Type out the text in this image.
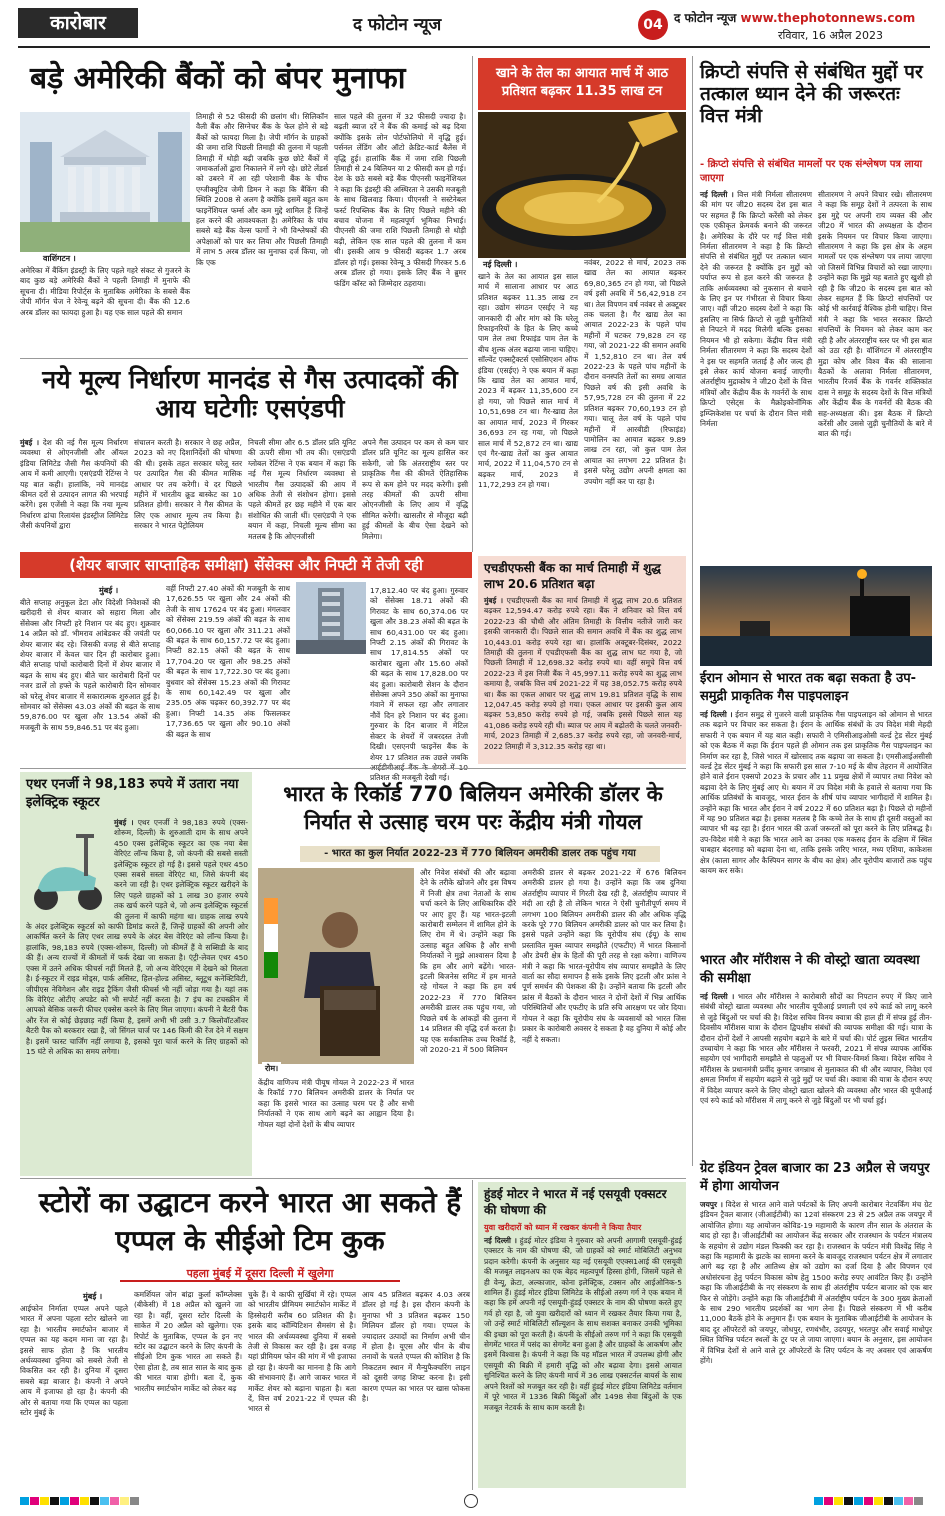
कारोबार	द फोटोन न्यूज	04 द फोटोन न्यूज www.thephotonnews.com
रविवार, 16 अप्रैल 2023
बड़े अमेरिकी बैंकों को बंपर मुनाफा
वाशिंगटन ।
अमेरिका में बैंकिंग इंडस्ट्री के लिए पहले गहरे संकट से गुजरने के बाद कुछ बड़े अमेरिकी बैंकों ने पहली तिमाही में मुनाफे की सूचना दी। मीडिया रिपोर्ट्स के मुताबिक अमेरिका के सबसे बैंक जेपी मॉर्गन चेज ने रेवेन्यू बढ़ने की सूचना दी। बैंक की 12.6 अरब डॉलर का फायदा हुआ है। यह एक साल पहले की समान
तिमाही से 52 फीसदी की छलांग थी। सिलिकॉन वैली बैंक और सिग्नेचर बैंक के फेल होने से बड़े बैंकों को फायदा मिला है। जेपी मॉर्गन के ग्राहकों की जमा राशि पिछली तिमाही की तुलना में पहली तिमाही में थोड़ी बढ़ी जबकि कुछ छोटे बैंकों में जमाकर्ताओं द्वारा निकालने में लगे रहे। छोटे लेंडर्स को उबरने में आ रही परेशानी बैंक के चीफ एग्जीक्यूटिव जेमी डिमन ने कहा कि बैंकिंग की स्थिति 2008 से अलग है क्योंकि इसमें बहुत कम फाइनेंशियल फर्म्स और कम मुद्दे शामिल हैं जिन्हें हल करने की आवश्यकता है। अमेरिका के पांच सबसे बड़े बैंक वेल्स फार्गो ने भी विश्लेषकों की अपेक्षाओं को पार कर लिया और पिछली तिमाही में लाभ 5 अरब डॉलर का मुनाफा दर्ज किया, जो कि एक
साल पहले की तुलना में 32 फीसदी ज्यादा है। बढ़ती ब्याज दरें ने बैंक की कमाई को बढ़ दिया क्योंकि इसके लोन पोर्टफोलियो में वृद्धि हुई। पर्सनल लेंडिंग और ऑटो क्रेडिट-कार्ड बैलेंस में वृद्धि हुई। हालांकि बैंक में जमा राशि पिछली तिमाही से 24 बिलियन या 2 फीसदी कम हो गई। देश के छठे सबसे बड़े बैंक पीएनसी फाइनेंशियल ने कहा कि इंडस्ट्री की अस्थिरता ने उसकी मजबूती के साथ खिलवाड़ किया। पीएनसी ने सस्टेनेबल फर्स्ट रिपब्लिक बैंक के लिए पिछले महीने की बचाव योजना में महत्वपूर्ण भूमिका निभाई। पीएनसी की जमा राशि पिछली तिमाही से थोड़ी बढ़ी, लेकिन एक साल पहले की तुलना में कम थी। इसकी आय 9 फीसदी बढ़कर 1.7 अरब डॉलर हो गई। इसका रेवेन्यू 3 फीसदी गिरकर 5.6 अरब डॉलर हो गया। इसके लिए बैंक ने ब्रुमर फंडिंग कॉस्ट को जिम्मेदार ठहराया।
खाने के तेल का आयात मार्च में आठ प्रतिशत बढ़कर 11.35 लाख टन
नई दिल्ली ।
खाने के तेल का आयात इस साल मार्च में सालाना आधार पर आठ प्रतिशत बढ़कर 11.35 लाख टन रहा। उद्योग संगठन एसईए ने यह जानकारी दी और मांग को कि घरेलू रिफाइनरियों के हित के लिए कच्चे पाम तेल तथा रिफाइंड पाम तेल के बीच शुल्क अंतर बढ़ाया जाना चाहिए। सॉल्वेंट एक्सट्रैक्टर्स एसोसिएशन ऑफ इंडिया (एसईए) ने एक बयान में कहा कि खाद्य तेल का आयात मार्च, 2023 में बढ़कर 11,35,600 टन हो गया, जो पिछले साल मार्च में 10,51,698 टन था। गैर-खाद्य तेल का आयात मार्च, 2023 में गिरकर 36,693 टन रह गया, जो पिछले साल मार्च में 52,872 टन था। खाद्य एवं गैर-खाद्य तेलों का कुल आयात मार्च, 2022 में 11,04,570 टन से बढ़कर मार्च, 2023 में 11,72,293 टन हो गया।
नवंबर, 2022 से मार्च, 2023 तक खाद्य तेल का आयात बढ़कर 69,80,365 टन हो गया, जो पिछले वर्ष इसी अवधि में 56,42,918 टन था। तेल विपणन वर्ष नवंबर से अक्टूबर तक चलता है। गैर खाद्य तेल का आयात 2022-23 के पहले पांच महीनों में घटकर 79,828 टन रह गया, जो 2021-22 की समान अवधि में 1,52,810 टन था। तेल वर्ष 2022-23 के पहले पांच महीनों के दौरान वनस्पति तेलों का समग्र आयात पिछले वर्ष की इसी अवधि के 57,95,728 टन की तुलना में 22 प्रतिशत बढ़कर 70,60,193 टन हो गया। चालू तेल वर्ष के पहले पांच महीनों में आरबीडी (रिफाइंड) पामोलिन का आयात बढ़कर 9.89 लाख टन रहा, जो कुल पाम तेल आयात का लगभग 22 प्रतिशत है। इससे घरेलू उद्योग अपनी क्षमता का उपयोग नहीं कर पा रहा है।
क्रिप्टो संपत्ति से संबंधित मुद्दों पर तत्काल ध्यान देने की जरूरतः वित्त मंत्री
- क्रिप्टो संपत्ति से संबंधित मामलों पर एक संश्लेषण पत्र लाया जाएगा
नई दिल्ली । वित्त मंत्री निर्मला सीतारमण की मांग पर जी20 सदस्य देश इस बात पर सहमत हैं कि क्रिप्टो करेंसी को लेकर एक एकीकृत फ्रेमवर्क बनाने की जरूरत है। अमेरिका के दौरे पर गईं वित्त मंत्री निर्मला सीतारमण ने कहा है कि क्रिप्टो संपत्ति से संबंधित मुद्दों पर तत्काल ध्यान देने की जरूरत है क्योंकि इन मुद्दों को पर्याप्त रूप से हल करने की जरूरत है ताकि अर्थव्यवस्था को नुकसान से बचाने के लिए इन पर गंभीरता से विचार किया जाए। वहीं जी20 सदस्य देशों ने कहा कि इसलिए ना सिर्फ क्रिप्टो से जुड़ी चुनौतियों से निपटने में मदद मिलेगी बल्कि इसका नियमन भी हो सकेगा। केंद्रीय वित्त मंत्री निर्मला सीतारमण ने कहा कि सदस्य देशों ने इस पर सहमति जताई है और जल्द ही इसे लेकर कार्य योजना बनाई जाएगी। अंतर्राष्ट्रीय मुद्राकोष ने जी20 देशों के वित्त मंत्रियों और केंद्रीय बैंक के गवर्नरों के साथ क्रिप्टो एसेट्स के मैक्रोइकोनॉमिक इम्प्लिकेशंस पर चर्चा के दौरान वित्त मंत्री निर्मला
सीतारमण ने अपने विचार रखे। सीतारमण ने कहा कि समूह देशों ने तत्परता के साथ इस मुद्दे पर अपनी राय व्यक्त की और जी20 में भारत की अध्यक्षता के दौरान इसके नियमन पर विचार किया जाएगा। सीतारमण ने कहा कि इस क्षेत्र के अहम मामलों पर एक संश्लेषण पत्र लाया जाएगा जो जिसमें विभिन्न विचारों को रखा जाएगा। उन्होंने कहा कि मुझे यह बताते हुए खुशी हो रही है कि जी20 के सदस्य इस बात को लेकर सहमत हैं कि क्रिप्टो संपत्तियों पर कोई भी कार्रवाई वैश्विक होनी चाहिए। वित्त मंत्री ने कहा कि भारत सरकार क्रिप्टो संपत्तियों के नियमन को लेकर काम कर रही है और अंतरराष्ट्रीय स्तर पर भी इस बात को उठा रही है। वॉशिंगटन में अंतरराष्ट्रीय मुद्रा कोष और विश्व बैंक की सालाना बैठकों के अलावा निर्मला सीतारमण, भारतीय रिजर्व बैंक के गवर्नर शक्तिकांत दास ने समूह के सदस्य देशों के वित्त मंत्रियों और केंद्रीय बैंक के गवर्नरों की बैठक की सह-अध्यक्षता की। इस बैठक में क्रिप्टो करेंसी और उससे जुड़ी चुनौतियों के बारे में बात की गई।
नये मूल्य निर्धारण मानदंड से गैस उत्पादकों की आय घटेगीः एसएंडपी
मुंबई । देश की नई गैस मूल्य निर्धारण व्यवस्था से ओएनजीसी और ऑयल इंडिया लिमिटेड जैसी गैस कंपनियों की आय में कमी आएगी। एसएंडपी रेटिंग्स ने यह बात कही। हालांकि, नये मानदंड कीमत दरों से उत्पादन लागत की भरपाई करेंगे। इस एजेंसी ने कहा कि नया मूल्य निर्धारण ढांचा रिलायंस इंडस्ट्रीज लिमिटेड जैसी कंपनियों द्वारा
संचालन करती है। सरकार ने छह अप्रैल, 2023 को नए दिशानिर्देशों की घोषणा की थी। इसके तहत सरकार घरेलू स्तर पर उत्पादित गैस की कीमत मासिक आधार पर तय करेगी। ये दर पिछले महीने में भारतीय क्रूड बास्केट का 10 प्रतिशत होगी। सरकार ने गैस कीमत के लिए एक आधार मूल्य तय किया है। सरकार ने भारत पेट्रोलियम
निचली सीमा और 6.5 डॉलर प्रति यूनिट की ऊपरी सीमा भी तय की। एसएंडपी ग्लोबल रेटिंग्स ने एक बयान में कहा कि नई गैस मूल्य निर्धारण व्यवस्था से भारतीय गैस उत्पादकों की आय में अधिक तेजी से संशोधन होगा। इससे पहले कीमतें हर छह महीने में एक बार संशोधित की जाती थीं। एसएंडपी ने एक बयान में कहा, निचली मूल्य सीमा का मतलब है कि ओएनजीसी
अपने गैस उत्पादन पर कम से कम चार डॉलर प्रति यूनिट का मूल्य हासिल कर सकेगी, जो कि अंतरराष्ट्रीय स्तर पर प्राकृतिक गैस की कीमतें ऐतिहासिक रूप से कम होने पर मदद करेगी। इसी तरह कीमतों की ऊपरी सीमा ओएनजीसी के लिए आय में वृद्धि सीमित करेगी। खासतौर से मौजूदा बढ़ी हुई कीमतों के बीच ऐसा देखने को मिलेगा।
(शेयर बाजार साप्ताहिक समीक्षा) सेंसेक्स और निफ्टी में तेजी रही
मुंबई ।
बीते सप्ताह अनुकूल डेटा और विदेशी निवेशकों की खरीदारी से शेयर बाजार को सहारा मिला और सेंसेक्स और निफ्टी हरे निशान पर बंद हुए। शुक्रवार 14 अप्रैल को डॉ. भीमराव आंबेडकर की जयंती पर शेयर बाजार बंद रहे। जिसकी वजह से बीते सप्ताह शेयर बाजार में केवल चार दिन ही कारोबार हुआ। बीते सप्ताह पांचों कारोबारी दिनों में शेयर बाजार में बढ़त के साथ बंद हुए। बीते चार कारोबारी दिनों पर नजर डालें तो हफ्ते के पहले कारोबारी दिन सोमवार को घरेलू शेयर बाजार में सकारात्मक शुरुआत हुई है। सोमवार को सेंसेक्स 43.03 अंकों की बढ़त के साथ 59,876.00 पर खुला और 13.54 अंकों की मजबूती के साथ 59,846.51 पर बंद हुआ।
वहीं निफ्टी 27.40 अंकों की मजबूती के साथ 17,626.55 पर खुला और 24 अंकों की तेजी के साथ 17624 पर बंद हुआ। मंगलवार को सेंसेक्स 219.59 अंकों की बढ़त के साथ 60,066.10 पर खुला और 311.21 अंकों की बढ़त के साथ 60,157.72 पर बंद हुआ। निफ्टी 82.15 अंकों की बढ़त के साथ 17,704.20 पर खुला और 98.25 अंकों की बढ़त के साथ 17,722.30 पर बंद हुआ। बुधवार को सेंसेक्स 15.23 अंकों की गिरावट के साथ 60,142.49 पर खुला और 235.05 अंक चढ़कर 60,392.77 पर बंद हुआ। निफ्टी 14.35 अंक फिसलकर 17,736.65 पर खुला और 90.10 अंकों की बढ़त के साथ
17,812.40 पर बंद हुआ। गुरुवार को सेंसेक्स 18.71 अंकों की गिरावट के साथ 60,374.06 पर खुला और 38.23 अंकों की बढ़त के साथ 60,431.00 पर बंद हुआ। निफ्टी 2.15 अंकों की गिरावट के साथ 17,814.55 अंकों पर कारोबार खुला और 15.60 अंकों की बढ़त के साथ 17,828.00 पर बंद हुआ। कारोबारी सेशन के दौरान सेंसेक्स अपने 350 अंकों का मुनाफा गंवाने में सफल रहा और लगातार नौवें दिन हरे निशान पर बंद हुआ। गुरुवार के दिन बाजार में मेटिल सेक्टर के शेयरों में जबरदस्त तेजी दिखी। एसएनपी फाइनेंस बैंक के शेयर 17 प्रतिशत तक उछले जबकि प्रतिशत की मजबूती देखी गई।
एचडीएफसी बैंक का मार्च तिमाही में शुद्ध लाभ 20.6 प्रतिशत बढ़ा
मुंबई । एचडीएफसी बैंक का मार्च तिमाही में शुद्ध लाभ 20.6 प्रतिशत बढ़कर 12,594.47 करोड़ रुपये रहा। बैंक ने शनिवार को वित्त वर्ष 2022-23 की चौथी और अंतिम तिमाही के वित्तीय नतीजे जारी कर इसकी जानकारी दी। पिछले साल की समान अवधि में बैंक का शुद्ध लाभ 10,443.01 करोड़ रुपये रहा था। हालांकि अक्टूबर-दिसंबर, 2022 तिमाही की तुलना में एचडीएफसी बैंक का शुद्ध लाभ घट गया है, जो पिछली तिमाही में 12,698.32 करोड़ रुपये था। वहीं समूचे वित्त वर्ष 2022-23 में इस निजी बैंक ने 45,997.11 करोड़ रुपये का शुद्ध लाभ कमाया है, जबकि वित्त वर्ष 2021-22 में यह 38,052.75 करोड़ रुपये था। बैंक का एकल आधार पर शुद्ध लाभ 19.81 प्रतिशत वृद्धि के साथ 12,047.45 करोड़ रुपये हो गया। एकल आधार पर इसकी कुल आय बढ़कर 53,850 करोड़ रुपये हो गई, जबकि इससे पिछले साल यह 41,086 करोड़ रुपये रही थी। ब्याज पर आय में बढ़ोतरी के चलते जनवरी-मार्च, 2023 तिमाही में 2,685.37 करोड़ रुपये रहा, जो जनवरी-मार्च, 2022 तिमाही में 3,312.35 करोड़ रहा था।
ईरान ओमान से भारत तक बढ़ा सकता है उप-समुद्री प्राकृतिक गैस पाइपलाइन
नई दिल्ली । ईरान समुद्र से गुजरने वाली प्राकृतिक गैस पाइपलाइन को ओमान से भारत तक बढ़ाने पर विचार कर सकता है। ईरान के आर्थिक संबंधों के उप विदेश मंत्री मेहदी सफारी ने एक बयान में यह बात कही। सफारी ने एमिसीआइओसी वर्ल्ड ट्रेड सेंटर मुंबई को एक बैठक में कहा कि ईरान पहले ही ओमान तक इस प्राकृतिक गैस पाइपलाइन का निर्माण कर रहा है, जिसे भारत में खोरसाद तक बढ़ाया जा सकता है। एमसीआईअसीसी वर्ल्ड ट्रेड सेंटर मुंबई ने कहा कि सफारी इस साल 7-10 मई के बीच तेहरान में आयोजित होने वाले ईरान एक्सपो 2023 के प्रचार और 11 प्रमुख क्षेत्रों में व्यापार तथा निवेश को बढ़ावा देने के लिए मुंबई आए थे। बयान में उप विदेश मंत्री के हवाले से बताया गया कि आर्थिक प्रतिबंधों के बावजूद, भारत ईरान के शीर्ष पांच व्यापार भागीदारों में शामिल है। उन्होंने कहा कि भारत और ईरान ने वर्ष 2022 में 60 प्रतिशत बढ़ा है। पिछले दो महीनों में यह 90 प्रतिशत बढ़ा है। इसका मतलब है कि कच्चे तेल के साथ ही दूसरी वस्तुओं का व्यापार भी बढ़ रहा है। ईरान भारत की ऊर्जा जरूरतों को पूरा करने के लिए प्रतिबद्ध है। उप-विदेश मंत्री ने कहा कि भारत आने का उनका एक मकसद ईरान के दक्षिण में स्थित चाबहार बंदरगाह को बढ़ावा देना था, ताकि इसके जरिए भारत, मध्य एशिया, काकेशस क्षेत्र (काला सागर और कैस्पियन सागर के बीच का क्षेत्र) और यूरोपीय बाजारों तक पहुंच कायम कर सके।
भारत और मॉरीशस ने की वोस्ट्रो खाता व्यवस्था की समीक्षा
नई दिल्ली । भारत और मॉरीशस ने कारोबारी सौदों का निपटान रुपए में किए जाने संबंधी वोस्ट्रो खाता व्यवस्था और भारतीय यूपीआई प्रणाली एवं रुपे कार्ड को लागू करने से जुड़े बिंदुओं पर चर्चा की है। विदेश सचिव विनय क्वात्रा की हाल ही में संपन्न हुई तीन-दिवसीय मॉरीशस यात्रा के दौरान द्विपक्षीय संबंधों की व्यापक समीक्षा की गई। यात्रा के दौरान दोनों देशों ने आपसी सहयोग बढ़ाने के बारे में चर्चा की। पोर्ट लुइस स्थित भारतीय उच्चायोग ने कहा कि भारत और मॉरीशस ने फरवरी, 2021 में संपन्न व्यापक आर्थिक सहयोग एवं भागीदारी समझौते से पहलुओं पर भी विचार-विमर्श किया। विदेश सचिव ने मॉरीशस के प्रधानमंत्री प्रवींद कुमार जगन्नाथ से मुलाकात की थी और व्यापार, निवेश एवं क्षमता निर्माण में सहयोग बढ़ाने से जुड़े मुद्दों पर चर्चा की। क्वात्रा की यात्रा के दौरान रुपए में विदेश व्यापार करने के लिए वोस्ट्रो खाता खोलने की व्यवस्था और भारत की यूपीआई एवं रुपे कार्ड को मॉरीशस में लागू करने से जुड़े बिंदुओं पर भी चर्चा हुई।
एथर एनर्जी ने 98,183 रुपये में उतारा नया इलेक्ट्रिक स्कूटर
मुंबई । एथर एनर्जी ने 98,183 रुपये (एक्स-शोरूम, दिल्ली) के शुरुआती दाम के साथ अपने 450 एक्स इलेक्ट्रिक स्कूटर का एक नया बेस वेरिएंट लॉन्च किया है, जो कंपनी की सबसे सस्ती इलेक्ट्रिक स्कूटर हो गई है। इससे पहले एथर 450 एक्स सबसे सस्ता वेरिएंट था, जिसे कंपनी बंद करने जा रही है। एथर इलेक्ट्रिक स्कूटर खरीदने के लिए पहले ग्राहकों को 1 लाख 30 हजार रुपये तक खर्च करने पड़ते थे, जो अन्य इलेक्ट्रिक स्कूटर्स की तुलना में काफी महंगा था। ग्राहक लाख रुपये के अंदर इलेक्ट्रिक स्कूटर्स को काफी डिमांड करते हैं, जिन्हें ग्राहकों की अपनी ओर आकर्षित करने के लिए एथर लाख रुपये के अंदर बेस वेरिएंट को लॉन्च किया है। हालांकि, 98,183 रुपये (एक्स-शोरूम, दिल्ली) जो कीमतें हैं वे सब्सिडी के बाद की हैं। अन्य राज्यों में कीमतों में फर्क देखा जा सकता है। एंट्री-लेवल एथर 450 एक्स में उतने अधिक फीचर्स नहीं मिलते हैं, जो अन्य वेरिएंट्स में देखने को मिलता है। ई-स्कूटर में राइड मोड्स, पार्क असिस्ट, हिल-होल्ड असिस्ट, ब्लूटूथ कनेक्टिविटी, जीपीएस नेविगेशन और राइड ट्रैकिंग जैसी फीचर्स भी नहीं जोड़ा गया है। यहां तक कि वेरिएंट ओटीए अपडेट को भी सपोर्ट नहीं करता है। 7 इंच का टचस्क्रीन में आपको बेसिक जरूरी फीचर एक्सेस करने के लिए मिल जाएगा। कंपनी ने बैटरी पैक और रेंज से कोई छेड़छाड़ नहीं किया है, इसमें अभी भी उसी 3.7 किलोवॉटऑवर बैटरी पैक को बरकरार रखा है, जो सिंगल चार्ज पर 146 किमी की रेंज देने में सक्षम है। इसमें फास्ट चार्जिंग नहीं लगाया है, इसको पूरा चार्ज करने के लिए ग्राहकों को 15 घंटे से अधिक का समय लगेगा।
भारत के रिकॉर्ड 770 बिलियन अमेरिकी डॉलर के निर्यात से उत्साह चरम परः केंद्रीय मंत्री गोयल
- भारत का कुल निर्यात 2022-23 में 770 बिलियन अमरीकी डालर तक पहुंच गया
रोम।
केंद्रीय वाणिज्य मंत्री पीयूष गोयल ने 2022-23 में भारत के रिकॉर्ड 770 बिलियन अमरीकी डालर के निर्यात पर कहा कि इससे भारत का उत्साह चरम पर है और सभी निर्यातकों ने एक साथ आगे बढ़ने का आह्वान दिया है। गोयल यहां दोनों देशों के बीच व्यापार
और निवेश संबंधों की और बढ़ावा देने के तरीके खोजने और इस विषय में निजी क्षेत्र तथा नेताओं के साथ चर्चा करने के लिए आधिकारिक दौरे पर आए हुए हैं। यह भारत-इटली कारोबारी सम्मेलन में शामिल होने के लिए रोम में थे। उन्होंने कहा कि उत्साह बहुत अधिक है और सभी निर्यातकों ने मुझे आश्वासन दिया है कि हम और आगे बढ़ेंगे। भारत-इटली बिजनेस समिट में हम मानते रहे गोयल ने कहा कि हम वर्ष 2022-23 में 770 बिलियन अमरीकी डालर तक पहुंच गया, जो पिछले वर्ष के आंकड़ों की तुलना में 14 प्रतिशत की वृद्धि दर्ज करता है। यह एक सर्वकालिक उच्च रिकॉर्ड है, जो 2020-21 में 500 बिलियन
अमरीकी डालर से बढ़कर 2021-22 में 676 बिलियन अमरीकी डालर हो गया है। उन्होंने कहा कि जब दुनिया अंतर्राष्ट्रीय व्यापार में गिरती देख रही है, अंतर्राष्ट्रीय व्यापार में मंदी आ रही है तो लेकिन भारत ने ऐसी चुनौतीपूर्ण समय में लगभग 100 बिलियन अमरीकी डालर की और अधिक वृद्धि करके पूरे 770 बिलियन अमरीकी डालर को पार कर लिया है। इससे पहले उन्होंने कहा कि यूरोपीय संघ (ईयू) के साथ प्रस्तावित मुक्त व्यापार समझौते (एफटीए) में भारत किसानों और डेयरी क्षेत्र के हितों की पूरी तरह से रक्षा करेगा। वाणिज्य मंत्री ने कहा कि भारत-यूरोपीय संघ व्यापार समझौते के लिए वार्ता का सौदा समापन है सके इसके लिए इटली और फ्रांस ने पूर्ण समर्थन की पेशकश की है। उन्होंने बताया कि इटली और फ्रांस में बैठकों के दौरान भारत ने दोनों देशों में भिन्न आर्थिक परिस्थितियों और एफटीए के प्रति रुचि आरक्षण पर जोर दिया। गोयल ने कहा कि यूरोपीय संघ के व्यवसायों को भारत जिस प्रकार के कारोबारी अवसर दे सकता है वह दुनिया में कोई और नहीं दे सकता।
ग्रेट इंडियन ट्रेवल बाजार का 23 अप्रैल से जयपुर में होगा आयोजन
जयपुर । विदेश से भारत आने वाले पर्यटकों के लिए अपनी कारोबार नेटवर्किंग मंच ग्रेट इंडियन ट्रैवल बाजार (जीआईटीबी) का 12वां संस्करण 23 से 25 अप्रैल तक जयपुर में आयोजित होगा। यह आयोजन कोविड-19 महामारी के कारण तीन साल के अंतराल के बाद हो रहा है। जीआईटीबी का आयोजन केंद्र सरकार और राजस्थान के पर्यटन मंत्रालय के सहयोग से उद्योग मंडल फिक्की कर रहा है। राजस्थान के पर्यटन मंत्री विश्वेंद्र सिंह ने कहा कि महामारी के झटके का सामना करने के बावजूद राजस्थान पर्यटन क्षेत्र में लगातार आगे बढ़ रहा है और आतिथ्य क्षेत्र को उद्योग का दर्जा दिया है और विपणन एवं अधोसंरचना हेतु पर्यटन विकास कोष हेतु 1500 करोड़ रुपए आवंटित किए हैं। उन्होंने कहा कि जीआईटीबी के नए संस्करण के साथ ही अंतर्राष्ट्रीय पर्यटन बाजार को एक बार फिर से जोड़ेंगे। उन्होंने कहा कि जीआईटीबी में अंतर्राष्ट्रीय पर्यटन के 300 मुख्य क्रेताओं के साथ 290 भारतीय प्रदर्शकों का भाग लेना हैं। पिछले संस्करण में भी करीब 11,000 बैठकें होने के अनुमान हैं। एक बयान के मुताबिक जीआईटीबी के आयोजन के बाद दूर ऑपरेटरों को जयपुर, जोधपुर, रणथंभौर, उदयपुर, भरतपुर और सवाई माधोपुर स्थित विभिन्न पर्यटन स्थलों के टूर पर ले जाया जाएगा। बयान के अनुसार, इस आयोजन में विभिन्न देशों से आने वाले टूर ऑपरेटरों के लिए पर्यटन के नए अवसर एवं आकर्षण होंगे।
स्टोरों का उद्घाटन करने भारत आ सकते हैं एप्पल के सीईओ टिम कुक
पहला मुंबई में दूसरा दिल्ली में खुलेगा
मुंबई ।
आईफोन निर्माता एप्पल अपने पहले भारत में अपना पहला स्टोर खोलने जा रहा है। भारतीय स्मार्टफोन बाजार में एप्पल का यह कदम माना जा रहा है। इससे साफ होता है कि भारतीय अर्थव्यवस्था दुनिया को सबसे तेजी से विकसित कर रही है। दुनिया में दूसरा सबसे बड़ा बाजार है। कंपनी ने अपने आय में इजाफा हो रहा है। कंपनी की ओर से बताया गया कि एप्पल का पहला स्टोर मुंबई के
कमर्शियल जोन बांद्रा कुर्ला कॉम्प्लेक्स (बीकेसी) में 18 अप्रैल को खुलने जा रहा है। वहीं, दूसरा स्टोर दिल्ली के साकेत में 20 अप्रैल को खुलेगा। एक रिपोर्ट के मुताबिक, एप्पल के इन नए स्टोर का उद्घाटन करने के लिए कंपनी के सीईओ टिम कुक भारत आ सकते हैं। ऐसा होता है, तब सात साल के बाद कुक की भारत यात्रा होगी। बता दें, कुक भारतीय स्मार्टफोन मार्केट को लेकर बढ़
चुके हैं। ये काफी सुर्खियां में रहे। एप्पल को भारतीय प्रीमियम स्मार्टफोन मार्केट में हिस्सेदारी करीब 60 प्रतिशत की है। इसके बाद कॉम्पिटिशन सैमसंग से है। भारत की अर्थव्यवस्था दुनिया में सबसे तेजी से विकास कर रही है। इस वजह यहां प्रीमियम फोन की मांग में भी इजाफा हो रहा है। कंपनी का मानना है कि आगे की संभावनाएं हैं। आगे जाकर भारत में मार्केट शेयर को बढ़ाना चाहता है। बता दें, वित्त वर्ष 2021-22 में एप्पल की भारत से
आय 45 प्रतिशत बढ़कर 4.03 अरब डॉलर हो गई है। इस दौरान कंपनी के मुनाफा भी 3 प्रतिशत बढ़कर 150 मिलियन डॉलर हो गया। एप्पल के ज्यादातर उत्पादों का निर्माण अभी चीन में होता है। यूएस और चीन के बीच तनावों के चलते एप्पल की कोशिश है कि निकटतम स्थान में मैन्युफैक्चरिंग लाइन को दूसरी जगह शिफ्ट करना है। इसी कारण एप्पल का भारत पर खास फोकस है।
हुंडई मोटर ने भारत में नई एसयूवी एक्सटर की घोषणा की
युवा खरीदारों को ध्यान में रखकर कंपनी ने किया तैयार
नई दिल्ली । हुंडई मोटर इंडिया ने गुरुवार को अपनी आगामी एसयूवी-हुंडई एक्सटर के नाम की घोषणा की, जो ग्राहकों को स्मार्ट मोबिलिटी अनुभव प्रदान करेगी। कंपनी के अनुसार यह नई एसयूवी एएक्स1आई की एसयूवी की मजबूत लाइनअप का एक बेहद महत्वपूर्ण हिस्सा होगी, जिसमें पहले से ही वेन्यू, क्रेटा, अल्काजार, कोना इलेक्ट्रिक, टक्सन और आईओनिक-5 शामिल हैं। हुंडई मोटर इंडिया लिमिटेड के सीईओ तरुण गर्ग ने एक बयान में कहा कि हमें अपनी नई एसयूवी-हुंडई एक्सटर के नाम की घोषणा करते हुए गर्व हो रहा है, जो युवा खरीदारों को ध्यान में रखकर तैयार किया गया है, जो उन्हें स्मार्ट मोबिलिटी सॉल्यूशन के साथ सशक्त बनाकर उनकी भूमिका की इच्छा को पूरा करती है। कंपनी के सीईओ तरुण गर्ग ने कहा कि एसयूवी सेगमेंट भारत में पसंद का सेगमेंट बना हुआ है और ग्राहकों के आकर्षण और इसमें विश्वास है। कंपनी ने कहा कि यह मॉडल भारत में उपलब्ध होगी और एसयूवी की बिक्री में हमारी वृद्धि को और बढ़ावा देगा। इससे आयात सुनिश्चित करने के लिए कंपनी मार्च में 36 लाख एक्सटर्नल बायर्स के साथ अपने रिश्तों को मजबूत कर रही है। वहीं हुंडई मोटर इंडिया लिमिटेड वर्तमान में पूरे भारत में 1336 बिक्री बिंदुओं और 1498 सेवा बिंदुओं के एक मजबूत नेटवर्क के साथ काम करती है।
